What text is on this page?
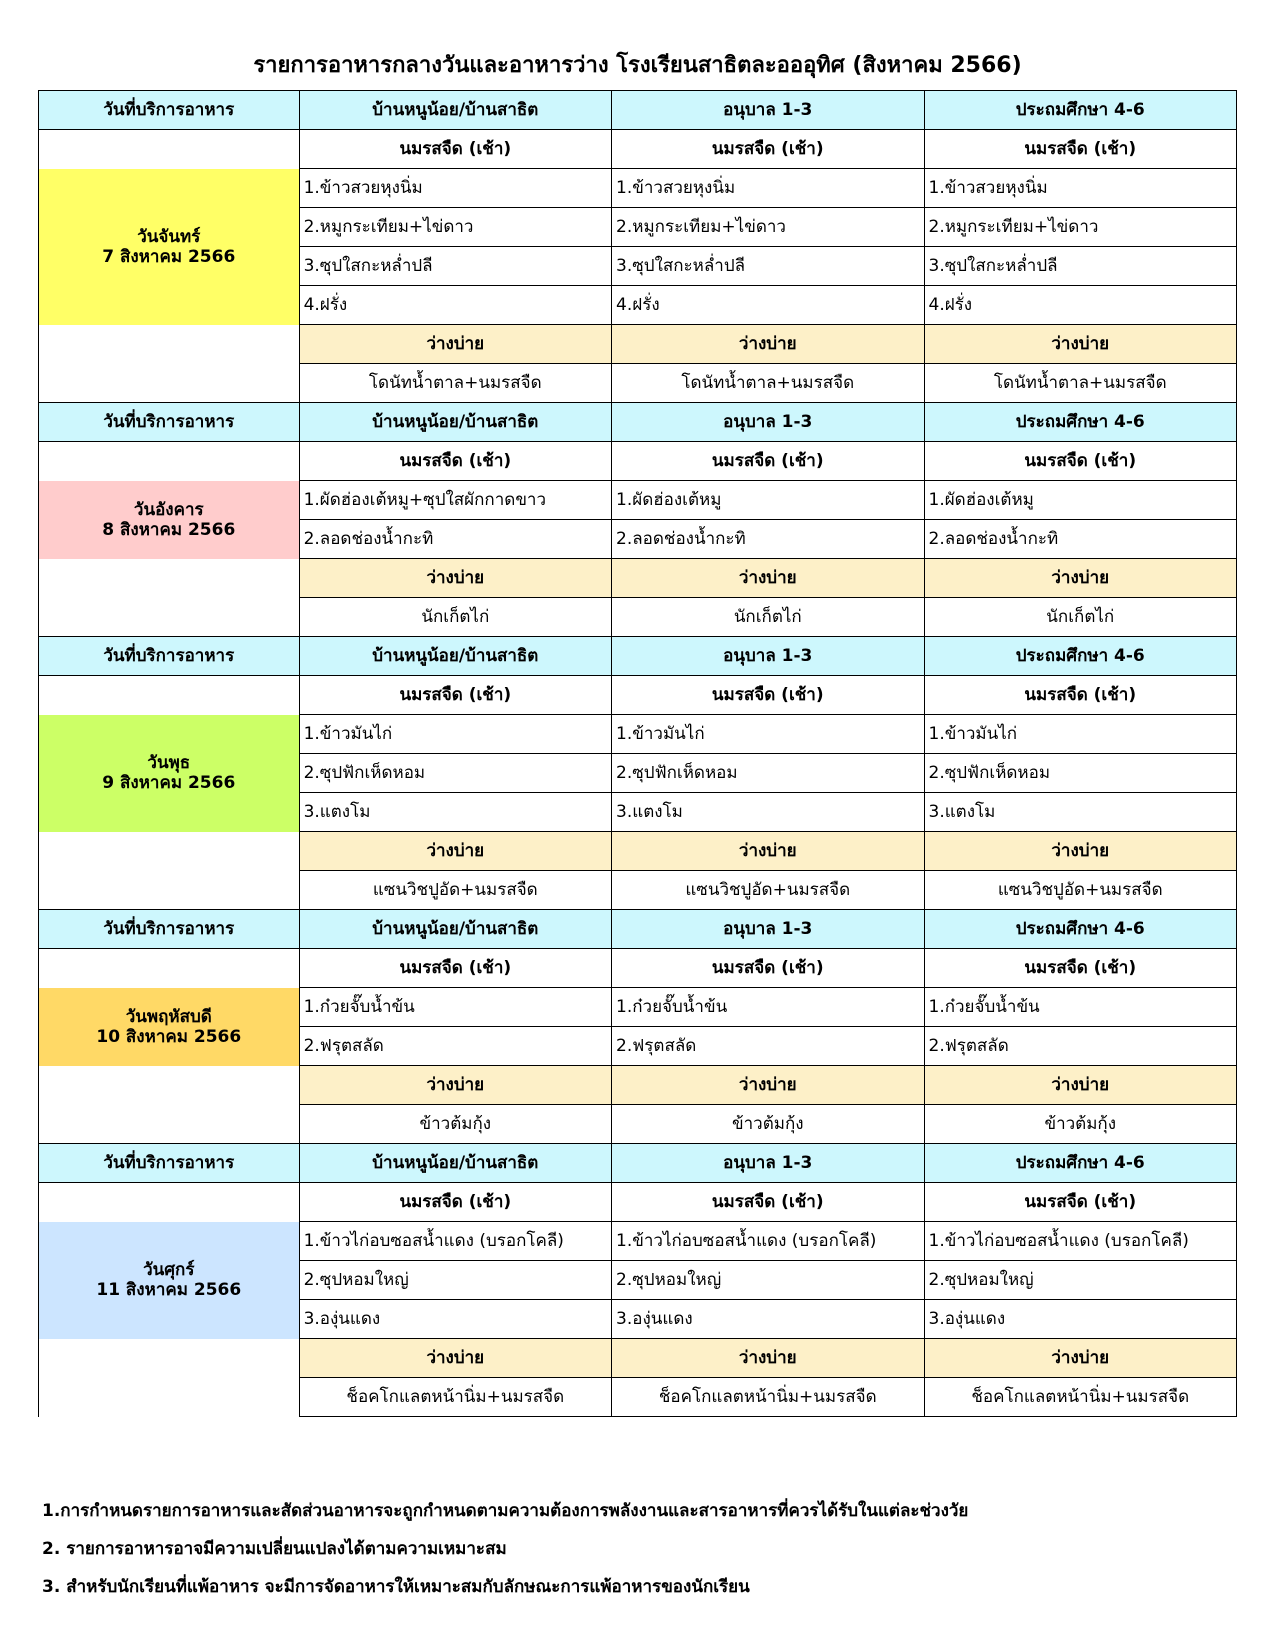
รายการอาหารกลางวันและอาหารว่าง โรงเรียนสาธิตละอออุทิศ (สิงหาคม 2566)
วันที่บริการอาหาร	บ้านหนูน้อย/บ้านสาธิต	อนุบาล 1-3	ประถมศึกษา 4-6
	นมรสจืด (เช้า)	นมรสจืด (เช้า)	นมรสจืด (เช้า)

วันจันทร์
7 สิงหาคม 2566	1.ข้าวสวยหุงนิ่ม	1.ข้าวสวยหุงนิ่ม	1.ข้าวสวยหุงนิ่ม
	2.หมูกระเทียม+ไข่ดาว	2.หมูกระเทียม+ไข่ดาว	2.หมูกระเทียม+ไข่ดาว
	3.ซุปใสกะหล่ำปลี	3.ซุปใสกะหล่ำปลี	3.ซุปใสกะหล่ำปลี
	4.ฝรั่ง	4.ฝรั่ง	4.ฝรั่ง
	ว่างบ่าย	ว่างบ่าย	ว่างบ่าย
	โดนัทน้ำตาล+นมรสจืด	โดนัทน้ำตาล+นมรสจืด	โดนัทน้ำตาล+นมรสจืด
วันที่บริการอาหาร	บ้านหนูน้อย/บ้านสาธิต	อนุบาล 1-3	ประถมศึกษา 4-6
	นมรสจืด (เช้า)	นมรสจืด (เช้า)	นมรสจืด (เช้า)

วันอังคาร
8 สิงหาคม 2566	1.ผัดฮ่องเต้หมู+ซุปใสผักกาดขาว	1.ผัดฮ่องเต้หมู	1.ผัดฮ่องเต้หมู
	2.ลอดช่องน้ำกะทิ	2.ลอดช่องน้ำกะทิ	2.ลอดช่องน้ำกะทิ
	ว่างบ่าย	ว่างบ่าย	ว่างบ่าย
	นักเก็ตไก่	นักเก็ตไก่	นักเก็ตไก่
วันที่บริการอาหาร	บ้านหนูน้อย/บ้านสาธิต	อนุบาล 1-3	ประถมศึกษา 4-6
	นมรสจืด (เช้า)	นมรสจืด (เช้า)	นมรสจืด (เช้า)

วันพุธ
9 สิงหาคม 2566	1.ข้าวมันไก่	1.ข้าวมันไก่	1.ข้าวมันไก่
	2.ซุปฟักเห็ดหอม	2.ซุปฟักเห็ดหอม	2.ซุปฟักเห็ดหอม
	3.แตงโม	3.แตงโม	3.แตงโม
	ว่างบ่าย	ว่างบ่าย	ว่างบ่าย
	แซนวิชปูอัด+นมรสจืด	แซนวิชปูอัด+นมรสจืด	แซนวิชปูอัด+นมรสจืด
วันที่บริการอาหาร	บ้านหนูน้อย/บ้านสาธิต	อนุบาล 1-3	ประถมศึกษา 4-6
	นมรสจืด (เช้า)	นมรสจืด (เช้า)	นมรสจืด (เช้า)

วันพฤหัสบดี
10 สิงหาคม 2566	1.ก๋วยจั๊บน้ำข้น	1.ก๋วยจั๊บน้ำข้น	1.ก๋วยจั๊บน้ำข้น
	2.ฟรุตสลัด	2.ฟรุตสลัด	2.ฟรุตสลัด
	ว่างบ่าย	ว่างบ่าย	ว่างบ่าย
	ข้าวต้มกุ้ง	ข้าวต้มกุ้ง	ข้าวต้มกุ้ง
วันที่บริการอาหาร	บ้านหนูน้อย/บ้านสาธิต	อนุบาล 1-3	ประถมศึกษา 4-6
	นมรสจืด (เช้า)	นมรสจืด (เช้า)	นมรสจืด (เช้า)

วันศุกร์
11 สิงหาคม 2566	1.ข้าวไก่อบซอสน้ำแดง (บรอกโคลี)	1.ข้าวไก่อบซอสน้ำแดง (บรอกโคลี)	1.ข้าวไก่อบซอสน้ำแดง (บรอกโคลี)
	2.ซุปหอมใหญ่	2.ซุปหอมใหญ่	2.ซุปหอมใหญ่
	3.องุ่นแดง	3.องุ่นแดง	3.องุ่นแดง
	ว่างบ่าย	ว่างบ่าย	ว่างบ่าย
	ช็อคโกแลตหน้านิ่ม+นมรสจืด	ช็อคโกแลตหน้านิ่ม+นมรสจืด	ช็อคโกแลตหน้านิ่ม+นมรสจืด
1.การกำหนดรายการอาหารและสัดส่วนอาหารจะถูกกำหนดตามความต้องการพลังงานและสารอาหารที่ควรได้รับในแต่ละช่วงวัย
2. รายการอาหารอาจมีความเปลี่ยนแปลงได้ตามความเหมาะสม
3. สำหรับนักเรียนที่แพ้อาหาร จะมีการจัดอาหารให้เหมาะสมกับลักษณะการแพ้อาหารของนักเรียน
